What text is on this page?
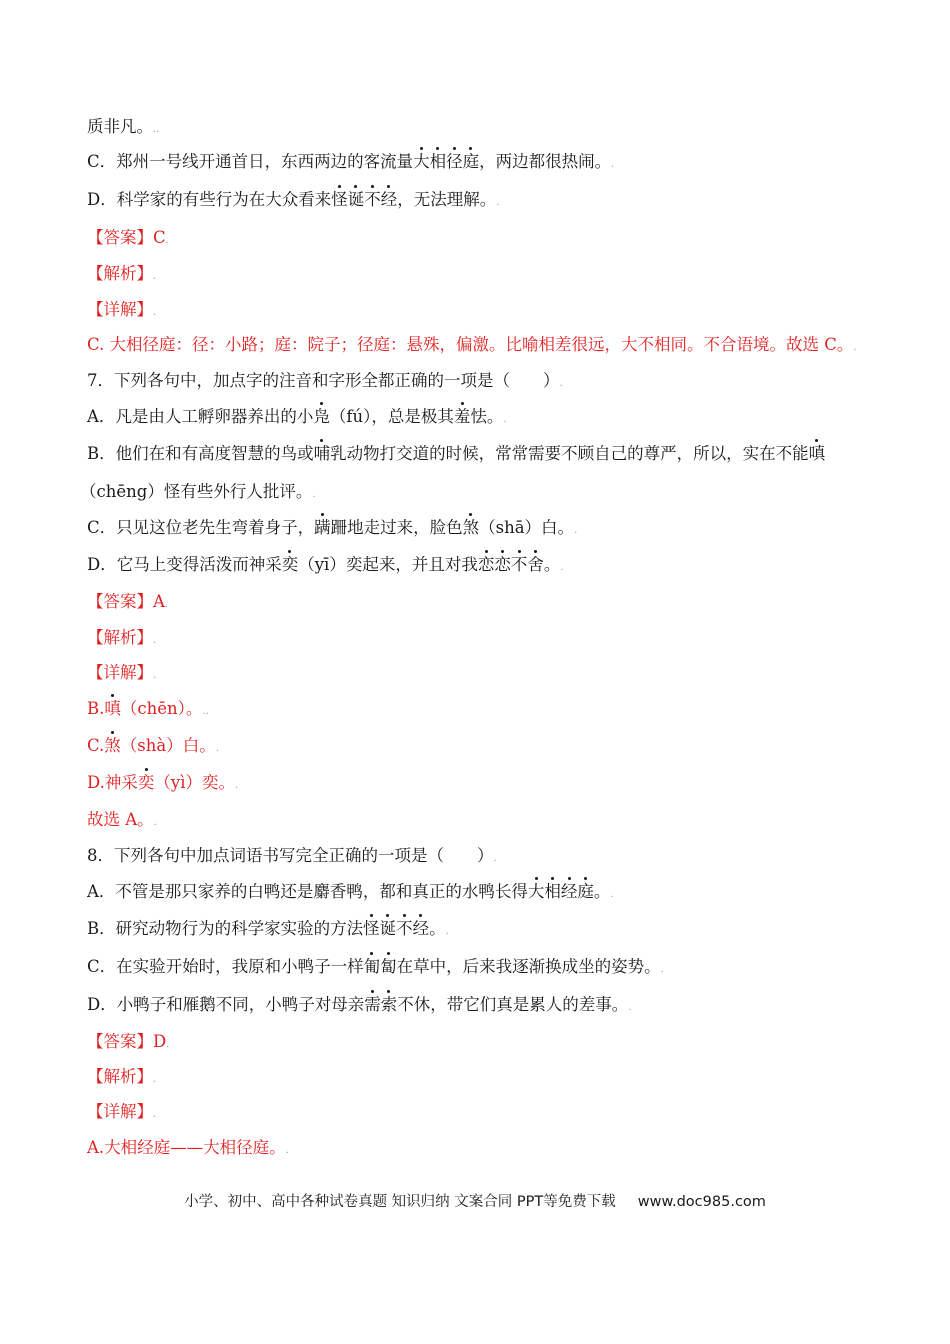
质非凡。..
C．郑州一号线开通首日，东西两边的客流量大相径庭，两边都很热闹。.
D．科学家的有些行为在大众看来怪诞不经，无法理解。.
【答案】C.
【解析】.
【详解】.
C. 大相径庭：径：小路；庭：院子；径庭：悬殊，偏激。比喻相差很远，大不相同。不合语境。故选 C。.
7．下列各句中，加点字的注音和字形全都正确的一项是（　　）.
A．凡是由人工孵卵器养出的小凫（fú），总是极其羞怯。.
B．他们在和有高度智慧的鸟或哺乳动物打交道的时候，常常需要不顾自己的尊严，所以，实在不能嗔
（chēng）怪有些外行人批评。.
C．只见这位老先生弯着身子，蹒跚地走过来，脸色煞（shā）白。.
D．它马上变得活泼而神采奕（yī）奕起来，并且对我恋恋不舍。.
【答案】A.
【解析】.
【详解】.
B.嗔（chēn）。..
C.煞（shà）白。.
D.神采奕（yì）奕。.
故选 A。.
8．下列各句中加点词语书写完全正确的一项是（　　）.
A．不管是那只家养的白鸭还是麝香鸭，都和真正的水鸭长得大相经庭。.
B．研究动物行为的科学家实验的方法怪诞不经。.
C．在实验开始时，我原和小鸭子一样匍匐在草中，后来我逐渐换成坐的姿势。.
D．小鸭子和雁鹅不同，小鸭子对母亲需索不休，带它们真是累人的差事。.
【答案】D.
【解析】.
【详解】.
A.大相经庭——大相径庭。.
小学、初中、高中各种试卷真题 知识归纳 文案合同 PPT等免费下载 www.doc985.com
